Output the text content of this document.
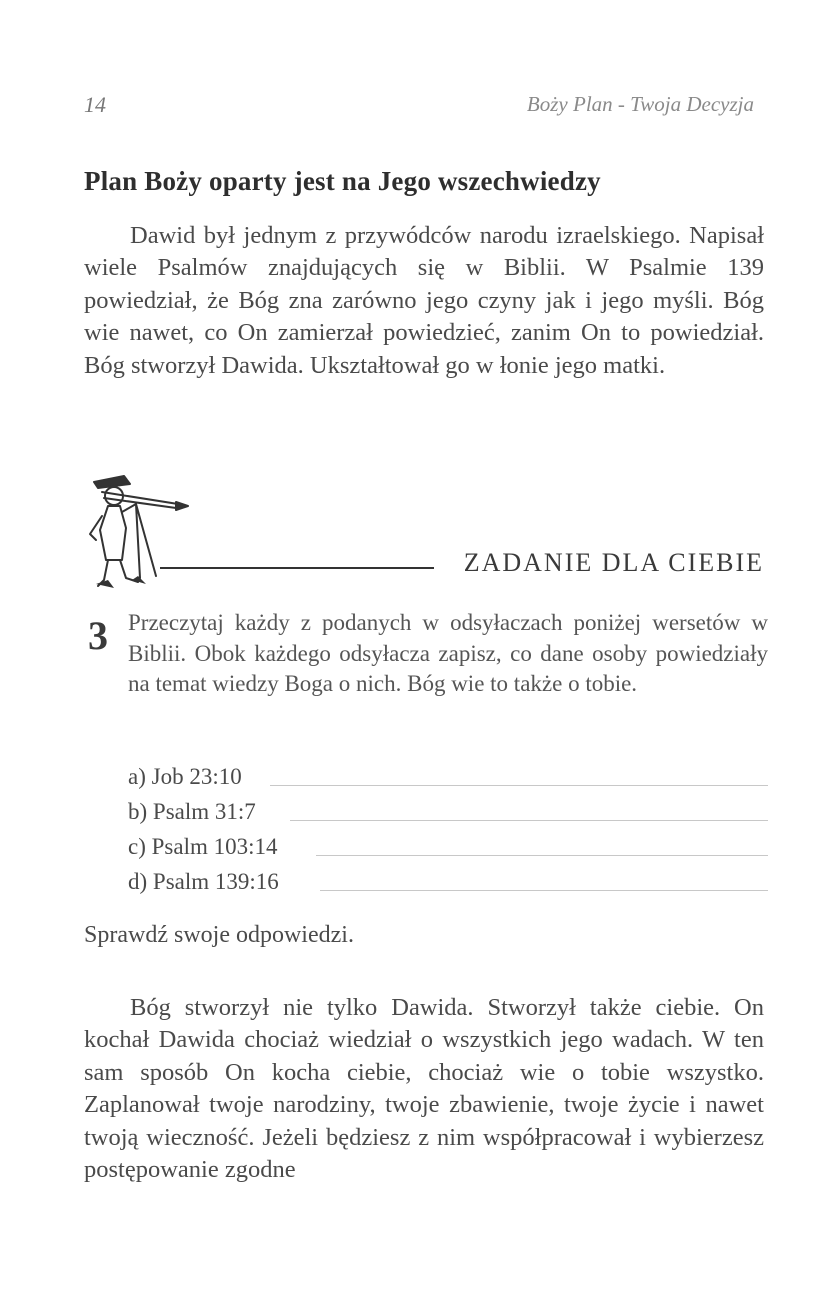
14	Boży Plan - Twoja Decyzja
Plan Boży oparty jest na Jego wszechwiedzy

Dawid był jednym z przywódców narodu izraelskiego. Napisał wiele Psalmów znajdujących się w Biblii. W Psalmie 139 powiedział, że Bóg zna zarówno jego czyny jak i jego myśli. Bóg wie nawet, co On zamierzał powiedzieć, zanim On to powiedział. Bóg stworzył Dawida. Ukształtował go w łonie jego matki.

ZADANIE DLA CIEBIE
3 Przeczytaj każdy z podanych w odsyłaczach poniżej wersetów w Biblii. Obok każdego odsyłacza zapisz, co dane osoby powiedziały na temat wiedzy Boga o nich. Bóg wie to także o tobie.

a) Job 23:10
b) Psalm 31:7
c) Psalm 103:14
d) Psalm 139:16
Sprawdź swoje odpowiedzi.

Bóg stworzył nie tylko Dawida. Stworzył także ciebie. On kochał Dawida chociaż wiedział o wszystkich jego wadach. W ten sam sposób On kocha ciebie, chociaż wie o tobie wszystko. Zaplanował twoje narodziny, twoje zbawienie, twoje życie i nawet twoją wieczność. Jeżeli będziesz z nim współpracował i wybierzesz postępowanie zgodne
